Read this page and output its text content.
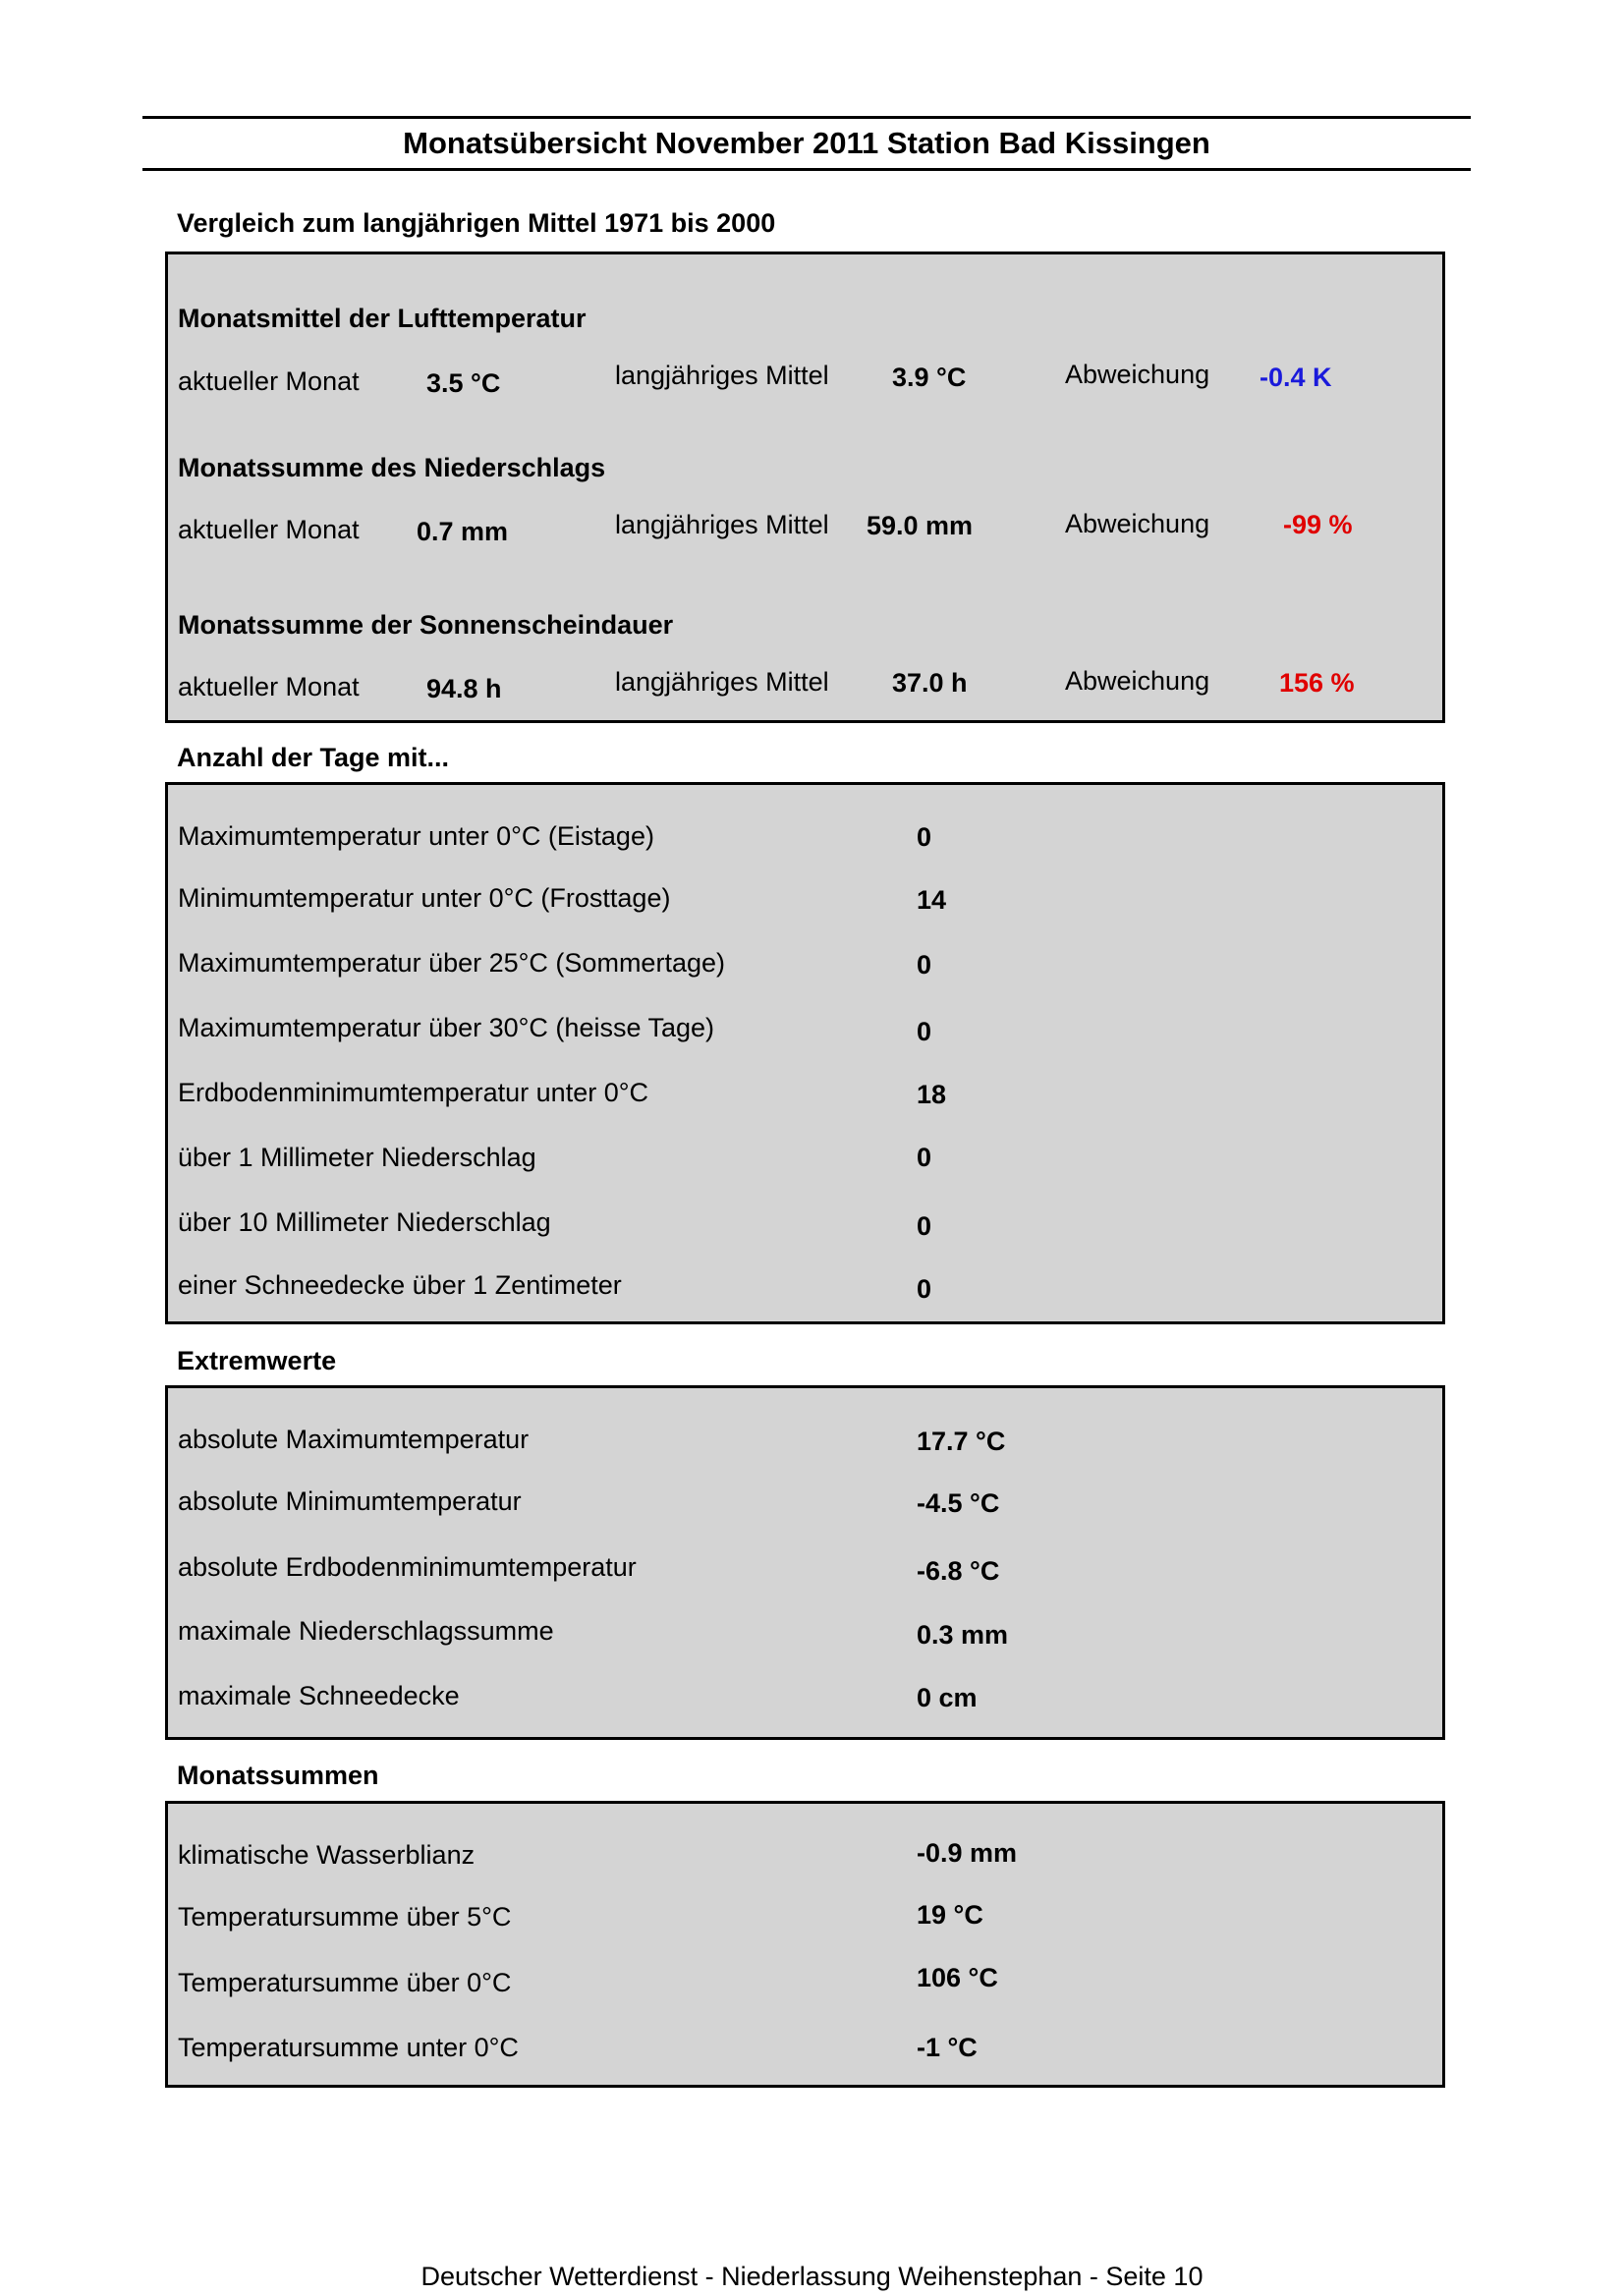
Monatsübersicht November 2011 Station Bad Kissingen
Vergleich zum langjährigen Mittel 1971 bis 2000
Monatsmittel der Lufttemperatur
aktueller Monat	3.5 °C	langjähriges Mittel 3.9 °C	Abweichung -0.4 K
Monatssumme des Niederschlags
aktueller Monat 0.7 mm	langjähriges Mittel 59.0 mm	Abweichung	-99 %
Monatssumme der Sonnenscheindauer
aktueller Monat	94.8 h	langjähriges Mittel 37.0 h	Abweichung	156 %
Anzahl der Tage mit...
Maximumtemperatur unter 0°C (Eistage)	0
Minimumtemperatur unter 0°C (Frosttage)	14
Maximumtemperatur über 25°C (Sommertage)	0
Maximumtemperatur über 30°C (heisse Tage)	0
Erdbodenminimumtemperatur unter 0°C	18
über 1 Millimeter Niederschlag	0
über 10 Millimeter Niederschlag	0
einer Schneedecke über 1 Zentimeter	0
Extremwerte
absolute Maximumtemperatur	17.7 °C
absolute Minimumtemperatur	-4.5 °C
absolute Erdbodenminimumtemperatur	-6.8 °C
maximale Niederschlagssumme	0.3 mm
maximale Schneedecke	0 cm
Monatssummen
klimatische Wasserblianz	-0.9 mm
Temperatursumme über 5°C	19 °C
Temperatursumme über 0°C	106 °C
Temperatursumme unter 0°C	-1 °C
Deutscher Wetterdienst - Niederlassung Weihenstephan - Seite 10
